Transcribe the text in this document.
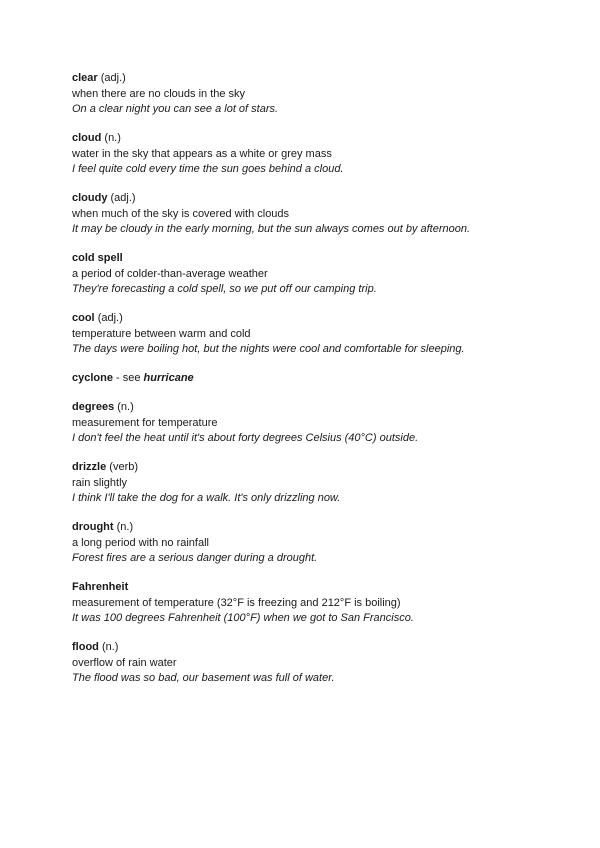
clear (adj.)
when there are no clouds in the sky
On a clear night you can see a lot of stars.
cloud (n.)
water in the sky that appears as a white or grey mass
I feel quite cold every time the sun goes behind a cloud.
cloudy (adj.)
when much of the sky is covered with clouds
It may be cloudy in the early morning, but the sun always comes out by afternoon.
cold spell
a period of colder-than-average weather
They're forecasting a cold spell, so we put off our camping trip.
cool (adj.)
temperature between warm and cold
The days were boiling hot, but the nights were cool and comfortable for sleeping.
cyclone - see hurricane
degrees (n.)
measurement for temperature
I don't feel the heat until it's about forty degrees Celsius (40°C) outside.
drizzle (verb)
rain slightly
I think I'll take the dog for a walk. It's only drizzling now.
drought (n.)
a long period with no rainfall
Forest fires are a serious danger during a drought.
Fahrenheit
measurement of temperature (32°F is freezing and 212°F is boiling)
It was 100 degrees Fahrenheit (100°F) when we got to San Francisco.
flood (n.)
overflow of rain water
The flood was so bad, our basement was full of water.
